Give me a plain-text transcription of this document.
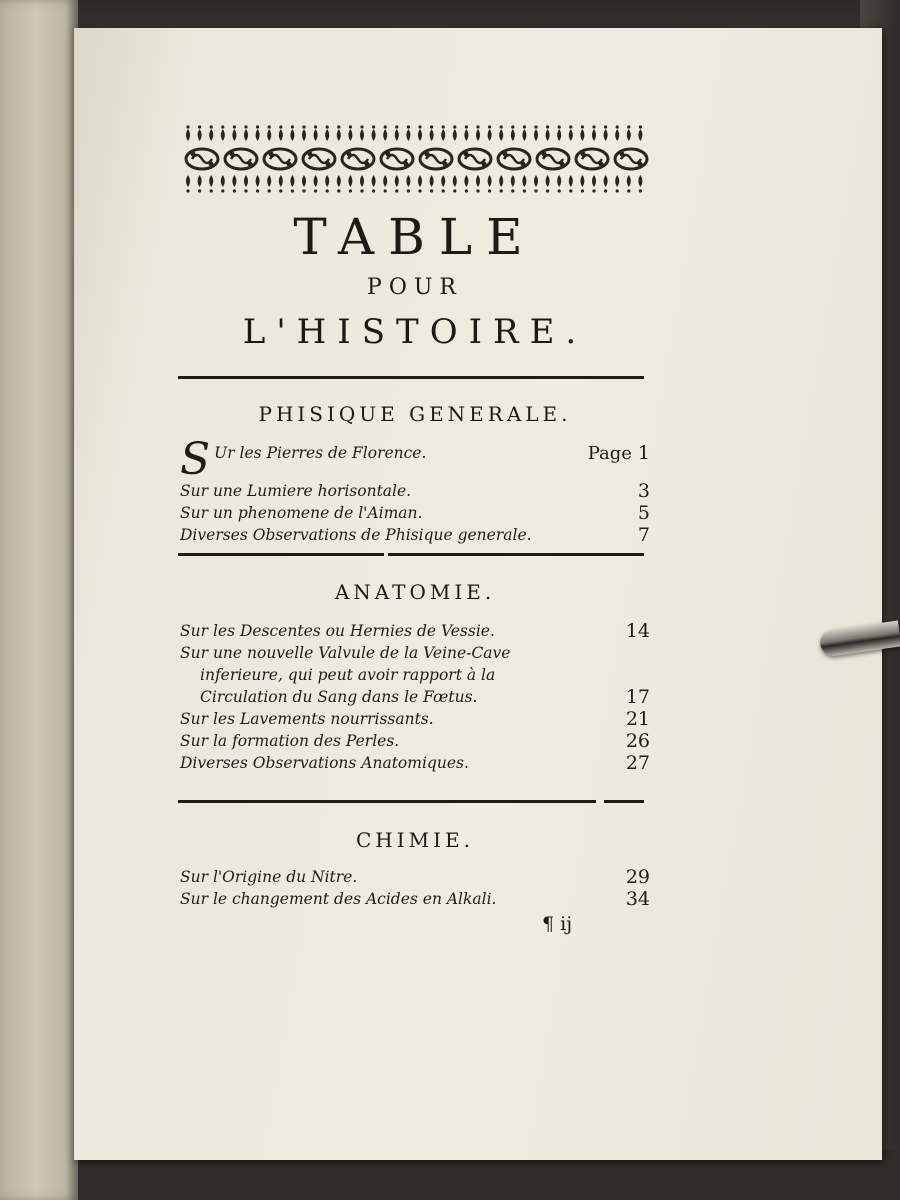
TABLE
POUR
L'HISTOIRE.
PHISIQUE GENERALE.
S Ur les Pierres de Florence.	Page 1
Sur une Lumiere horisontale.	3
Sur un phenomene de l'Aiman.	5
Diverses Observations de Phisique generale.	7
ANATOMIE.
Sur les Descentes ou Hernies de Vessie.	14
Sur une nouvelle Valvule de la Veine-Cave inferieure, qui peut avoir rapport à la Circulation du Sang dans le Fœtus.	17
Sur les Lavements nourrissants.	21
Sur la formation des Perles.	26
Diverses Observations Anatomiques.	27
CHIMIE.
Sur l'Origine du Nitre.	29
Sur le changement des Acides en Alkali.	34
¶ ij
